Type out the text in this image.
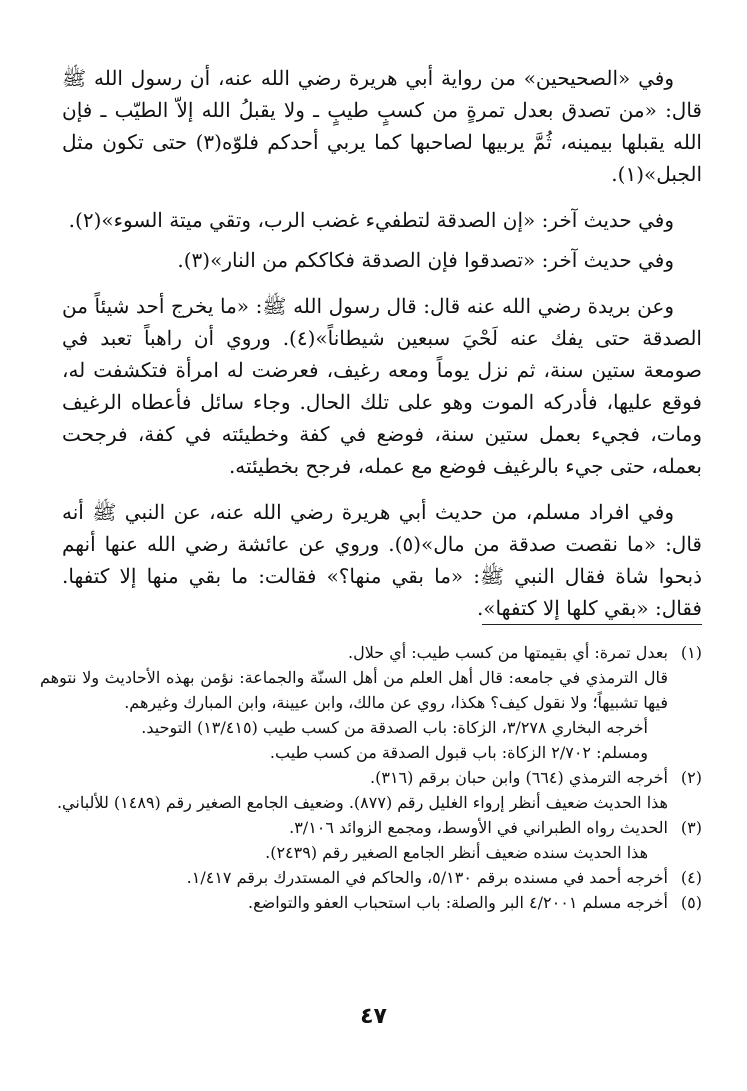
وفي «الصحيحين» من رواية أبي هريرة رضي الله عنه، أن رسول الله ﷺ قال: «من تصدق بعدل تمرةٍ من كسبٍ طيبٍ ـ ولا يقبلُ الله إلاّ الطيّب ـ فإن الله يقبلها بيمينه، ثُمَّ يربيها لصاحبها كما يربي أحدكم فلوّه(٣) حتى تكون مثل الجبل»(١).

وفي حديث آخر: «إن الصدقة لتطفيء غضب الرب، وتقي ميتة السوء»(٢).

وفي حديث آخر: «تصدقوا فإن الصدقة فكاككم من النار»(٣).

وعن بريدة رضي الله عنه قال: قال رسول الله ﷺ: «ما يخرج أحد شيئاً من الصدقة حتى يفك عنه لَحْيَ سبعين شيطاناً»(٤). وروي أن راهباً تعبد في صومعة ستين سنة، ثم نزل يوماً ومعه رغيف، فعرضت له امرأة فتكشفت له، فوقع عليها، فأدركه الموت وهو على تلك الحال. وجاء سائل فأعطاه الرغيف ومات، فجيء بعمل ستين سنة، فوضع في كفة وخطيئته في كفة، فرجحت بعمله، حتى جيء بالرغيف فوضع مع عمله، فرجح بخطيئته.

وفي افراد مسلم، من حديث أبي هريرة رضي الله عنه، عن النبي ﷺ أنه قال: «ما نقصت صدقة من مال»(٥). وروي عن عائشة رضي الله عنها أنهم ذبحوا شاة فقال النبي ﷺ: «ما بقي منها؟» فقالت: ما بقي منها إلا كتفها. فقال: «بقي كلها إلا كتفها».

(١)بعدل تمرة: أي بقيمتها من كسب طيب: أي حلال.

قال الترمذي في جامعه: قال أهل العلم من أهل السنّة والجماعة: نؤمن بهذه الأحاديث ولا نتوهم فيها تشبيهاً؛ ولا نقول كيف؟ هكذا، روي عن مالك، وابن عيينة، وابن المبارك وغيرهم.

أخرجه البخاري ٣/٢٧٨، الزكاة: باب الصدقة من كسب طيب (١٣/٤١٥) التوحيد.

ومسلم: ٢/٧٠٢ الزكاة: باب قبول الصدقة من كسب طيب.

(٢)أخرجه الترمذي (٦٦٤) وابن حبان برقم (٣١٦).

هذا الحديث ضعيف أنظر إرواء الغليل رقم (٨٧٧). وضعيف الجامع الصغير رقم (١٤٨٩) للألباني.

(٣)الحديث رواه الطبراني في الأوسط، ومجمع الزوائد ٣/١٠٦.

هذا الحديث سنده ضعيف أنظر الجامع الصغير رقم (٢٤٣٩).

(٤)أخرجه أحمد في مسنده برقم ٥/١٣٠، والحاكم في المستدرك برقم ١/٤١٧.

(٥)أخرجه مسلم ٤/٢٠٠١ البر والصلة: باب استحباب العفو والتواضع.

٤٧
